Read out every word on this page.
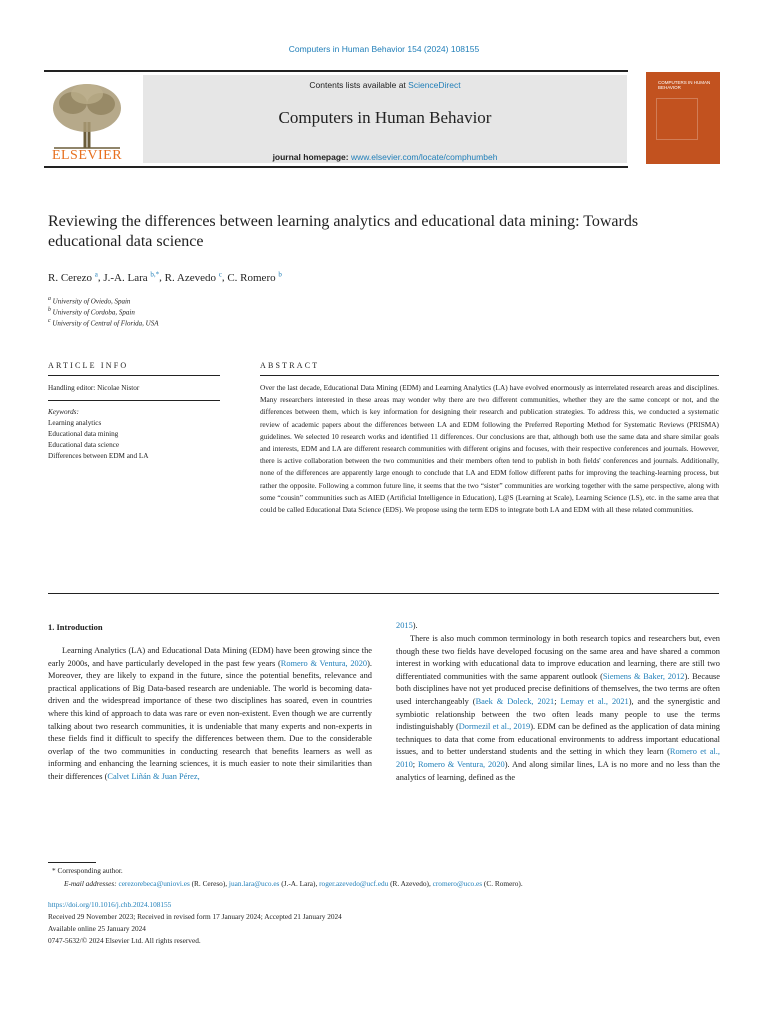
Computers in Human Behavior 154 (2024) 108155
ELSEVIER
Contents lists available at ScienceDirect
Computers in Human Behavior
journal homepage: www.elsevier.com/locate/comphumbeh
COMPUTERS IN HUMAN BEHAVIOR
Reviewing the differences between learning analytics and educational data mining: Towards educational data science
R. Cerezo $^a$, J.-A. Lara $^{b,*}$, R. Azevedo $^c$, C. Romero $^b$
$^a$ University of Oviedo, Spain
$^b$ University of Cordoba, Spain
$^c$ University of Central of Florida, USA
ARTICLE INFO
Handling editor: Nicolae Nistor
Keywords:
Learning analytics
Educational data mining
Educational data science
Differences between EDM and LA
ABSTRACT
Over the last decade, Educational Data Mining (EDM) and Learning Analytics (LA) have evolved enormously as interrelated research areas and disciplines. Many researchers interested in these areas may wonder why there are two different communities, whether they are the same concept or not, and the differences between them, which is key information for designing their research and publication strategies. To address this, we conducted a systematic review of academic papers about the differences between LA and EDM following the Preferred Reporting Method for Systematic Reviews (PRISMA) guidelines. We selected 10 research works and identified 11 differences. Our conclusions are that, although both use the same data and share similar goals and interests, EDM and LA are different research communities with different origins and focuses, with their respective conferences and journals. However, there is active collaboration between the two communities and their members often tend to publish in both fields' conferences and journals. Additionally, none of the differences are apparently large enough to conclude that LA and EDM follow different paths for improving the teaching-learning process, but rather the opposite. Following a common future line, it seems that the two “sister” communities are working together with the same perspective, along with some “cousin” communities such as AIED (Artificial Intelligence in Education), L@S (Learning at Scale), Learning Science (LS), etc. in the same area that could be called Educational Data Science (EDS). We propose using the term EDS to integrate both LA and EDM with all these related communities.
1. Introduction
Learning Analytics (LA) and Educational Data Mining (EDM) have been growing since the early 2000s, and have particularly developed in the past few years (Romero & Ventura, 2020). Moreover, they are likely to expand in the future, since the potential benefits, relevance and practical applications of Big Data-based research are undeniable. The world is becoming data-driven and the widespread importance of these two disciplines has soared, even in countries where this kind of approach to data was rare or even non-existent. Even though we are currently talking about two research communities, it is undeniable that many experts and non-experts in these fields find it difficult to specify the differences between them. Due to the considerable overlap of the two communities in conducting research that benefits learners as well as informing and enhancing the learning sciences, it is much easier to note their similarities than their differences (Calvet Liñán & Juan Pérez,
2015).
There is also much common terminology in both research topics and researchers but, even though these two fields have developed focusing on the same area and have shared a common interest in working with educational data to improve education and learning, there are still two differentiated communities with the same apparent outlook (Siemens & Baker, 2012). Because both disciplines have not yet produced precise definitions of themselves, the two terms are often used interchangeably (Baek & Doleck, 2021; Lemay et al., 2021), and the synergistic and symbiotic relationship between the two often leads many people to use the terms indistinguishably (Dormezil et al., 2019). EDM can be defined as the application of data mining techniques to data that come from educational environments to address important educational issues, and to better understand students and the setting in which they learn (Romero et al., 2010; Romero & Ventura, 2020). And along similar lines, LA is no more and no less than the analytics of learning, defined as the
* Corresponding author.
E-mail addresses: cerezorebeca@uniovi.es (R. Cereso), juan.lara@uco.es (J.-A. Lara), roger.azevedo@ucf.edu (R. Azevedo), cromero@uco.es (C. Romero).
https://doi.org/10.1016/j.chb.2024.108155
Received 29 November 2023; Received in revised form 17 January 2024; Accepted 21 January 2024
Available online 25 January 2024
0747-5632/© 2024 Elsevier Ltd. All rights reserved.
